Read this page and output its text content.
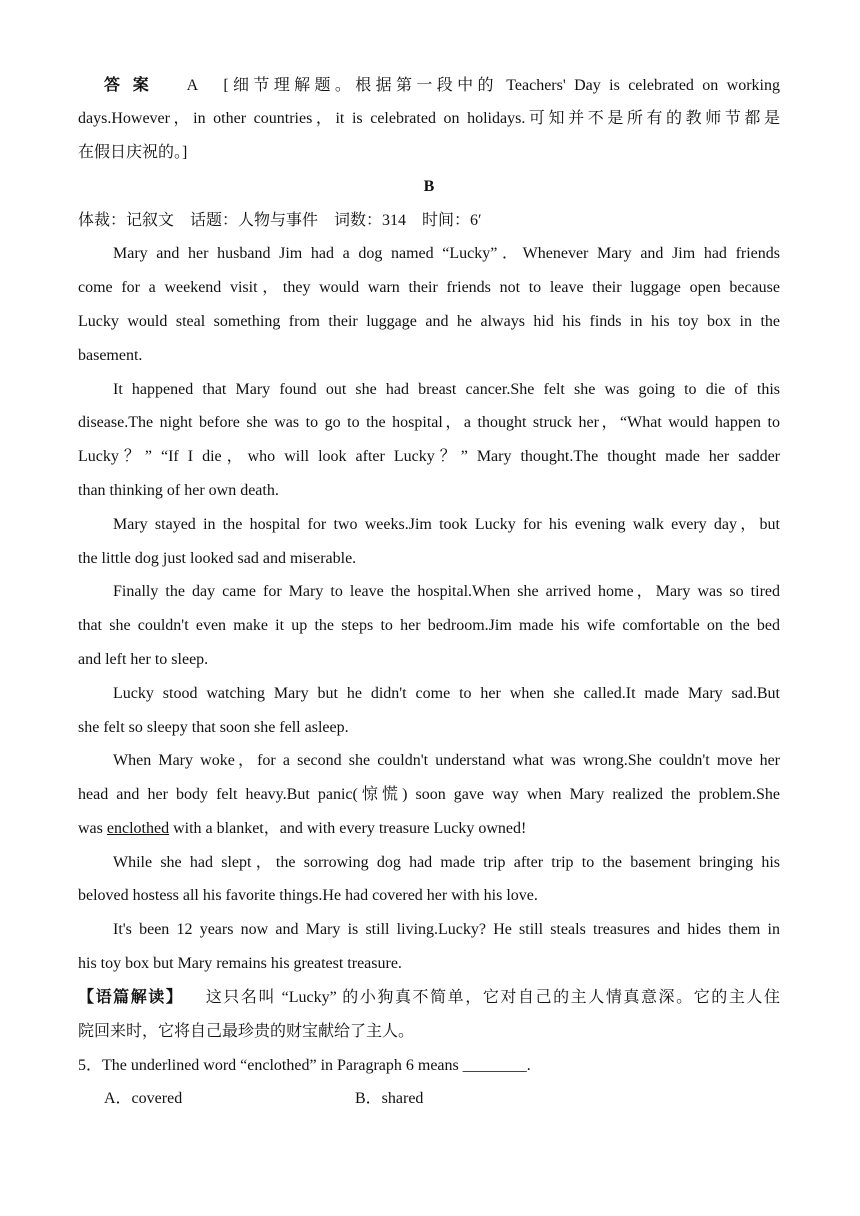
答 案 A [细节理解题。根据第一段中的 Teachers' Day is celebrated on working
days.However，in other countries，it is celebrated on holidays.可知并不是所有的教师节都是
在假日庆祝的。]
B
体裁：记叙文　话题：人物与事件　词数：314　时间：6′
Mary and her husband Jim had a dog named “Lucky”．Whenever Mary and Jim had friends
come for a weekend visit，they would warn their friends not to leave their luggage open because
Lucky would steal something from their luggage and he always hid his finds in his toy box in the
basement.
It happened that Mary found out she had breast cancer.She felt she was going to die of this
disease.The night before she was to go to the hospital，a thought struck her，“What would happen to
Lucky？” “If I die，who will look after Lucky？” Mary thought.The thought made her sadder
than thinking of her own death.
Mary stayed in the hospital for two weeks.Jim took Lucky for his evening walk every day，but
the little dog just looked sad and miserable.
Finally the day came for Mary to leave the hospital.When she arrived home，Mary was so tired
that she couldn't even make it up the steps to her bedroom.Jim made his wife comfortable on the bed
and left her to sleep.
Lucky stood watching Mary but he didn't come to her when she called.It made Mary sad.But
she felt so sleepy that soon she fell asleep.
When Mary woke，for a second she couldn't understand what was wrong.She couldn't move her
head and her body felt heavy.But panic(惊慌) soon gave way when Mary realized the problem.She
was enclothed with a blanket，and with every treasure Lucky owned!
While she had slept，the sorrowing dog had made trip after trip to the basement bringing his
beloved hostess all his favorite things.He had covered her with his love.
It's been 12 years now and Mary is still living.Lucky? He still steals treasures and hides them in
his toy box but Mary remains his greatest treasure.
【语篇解读】 这只名叫 “Lucky” 的小狗真不简单，它对自己的主人情真意深。它的主人住
院回来时，它将自己最珍贵的财宝献给了主人。
5．The underlined word “enclothed” in Paragraph 6 means ________.
A．covered	B．shared
